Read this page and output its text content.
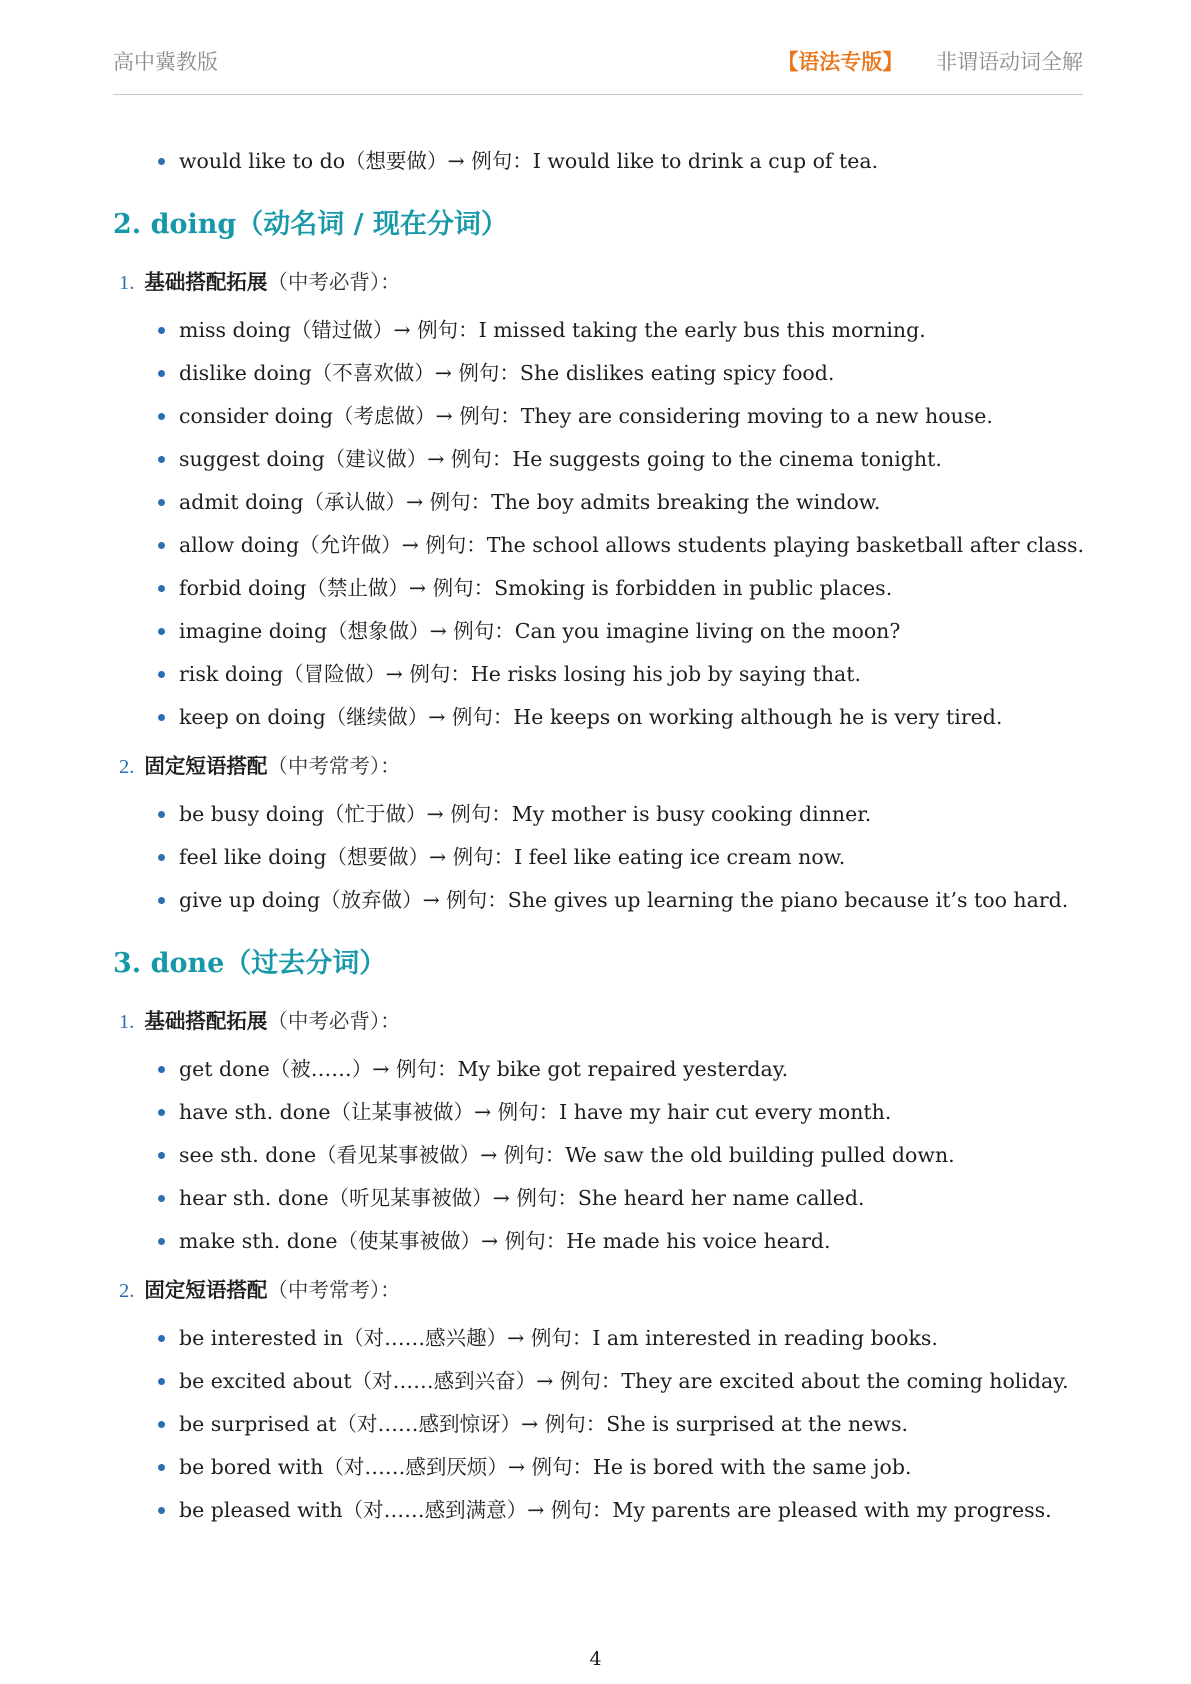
高中冀教版	【语法专版】 非谓语动词全解
would like to do（想要做）→ 例句：I would like to drink a cup of tea.
2. doing（动名词 / 现在分词）
1. 基础搭配拓展（中考必背）：
miss doing（错过做）→ 例句：I missed taking the early bus this morning.
dislike doing（不喜欢做）→ 例句：She dislikes eating spicy food.
consider doing（考虑做）→ 例句：They are considering moving to a new house.
suggest doing（建议做）→ 例句：He suggests going to the cinema tonight.
admit doing（承认做）→ 例句：The boy admits breaking the window.
allow doing（允许做）→ 例句：The school allows students playing basketball after class.
forbid doing（禁止做）→ 例句：Smoking is forbidden in public places.
imagine doing（想象做）→ 例句：Can you imagine living on the moon?
risk doing（冒险做）→ 例句：He risks losing his job by saying that.
keep on doing（继续做）→ 例句：He keeps on working although he is very tired.
2. 固定短语搭配（中考常考）：
be busy doing（忙于做）→ 例句：My mother is busy cooking dinner.
feel like doing（想要做）→ 例句：I feel like eating ice cream now.
give up doing（放弃做）→ 例句：She gives up learning the piano because it’s too hard.
3. done（过去分词）
1. 基础搭配拓展（中考必背）：
get done（被……）→ 例句：My bike got repaired yesterday.
have sth. done（让某事被做）→ 例句：I have my hair cut every month.
see sth. done（看见某事被做）→ 例句：We saw the old building pulled down.
hear sth. done（听见某事被做）→ 例句：She heard her name called.
make sth. done（使某事被做）→ 例句：He made his voice heard.
2. 固定短语搭配（中考常考）：
be interested in（对……感兴趣）→ 例句：I am interested in reading books.
be excited about（对……感到兴奋）→ 例句：They are excited about the coming holiday.
be surprised at（对……感到惊讶）→ 例句：She is surprised at the news.
be bored with（对……感到厌烦）→ 例句：He is bored with the same job.
be pleased with（对……感到满意）→ 例句：My parents are pleased with my progress.
4
